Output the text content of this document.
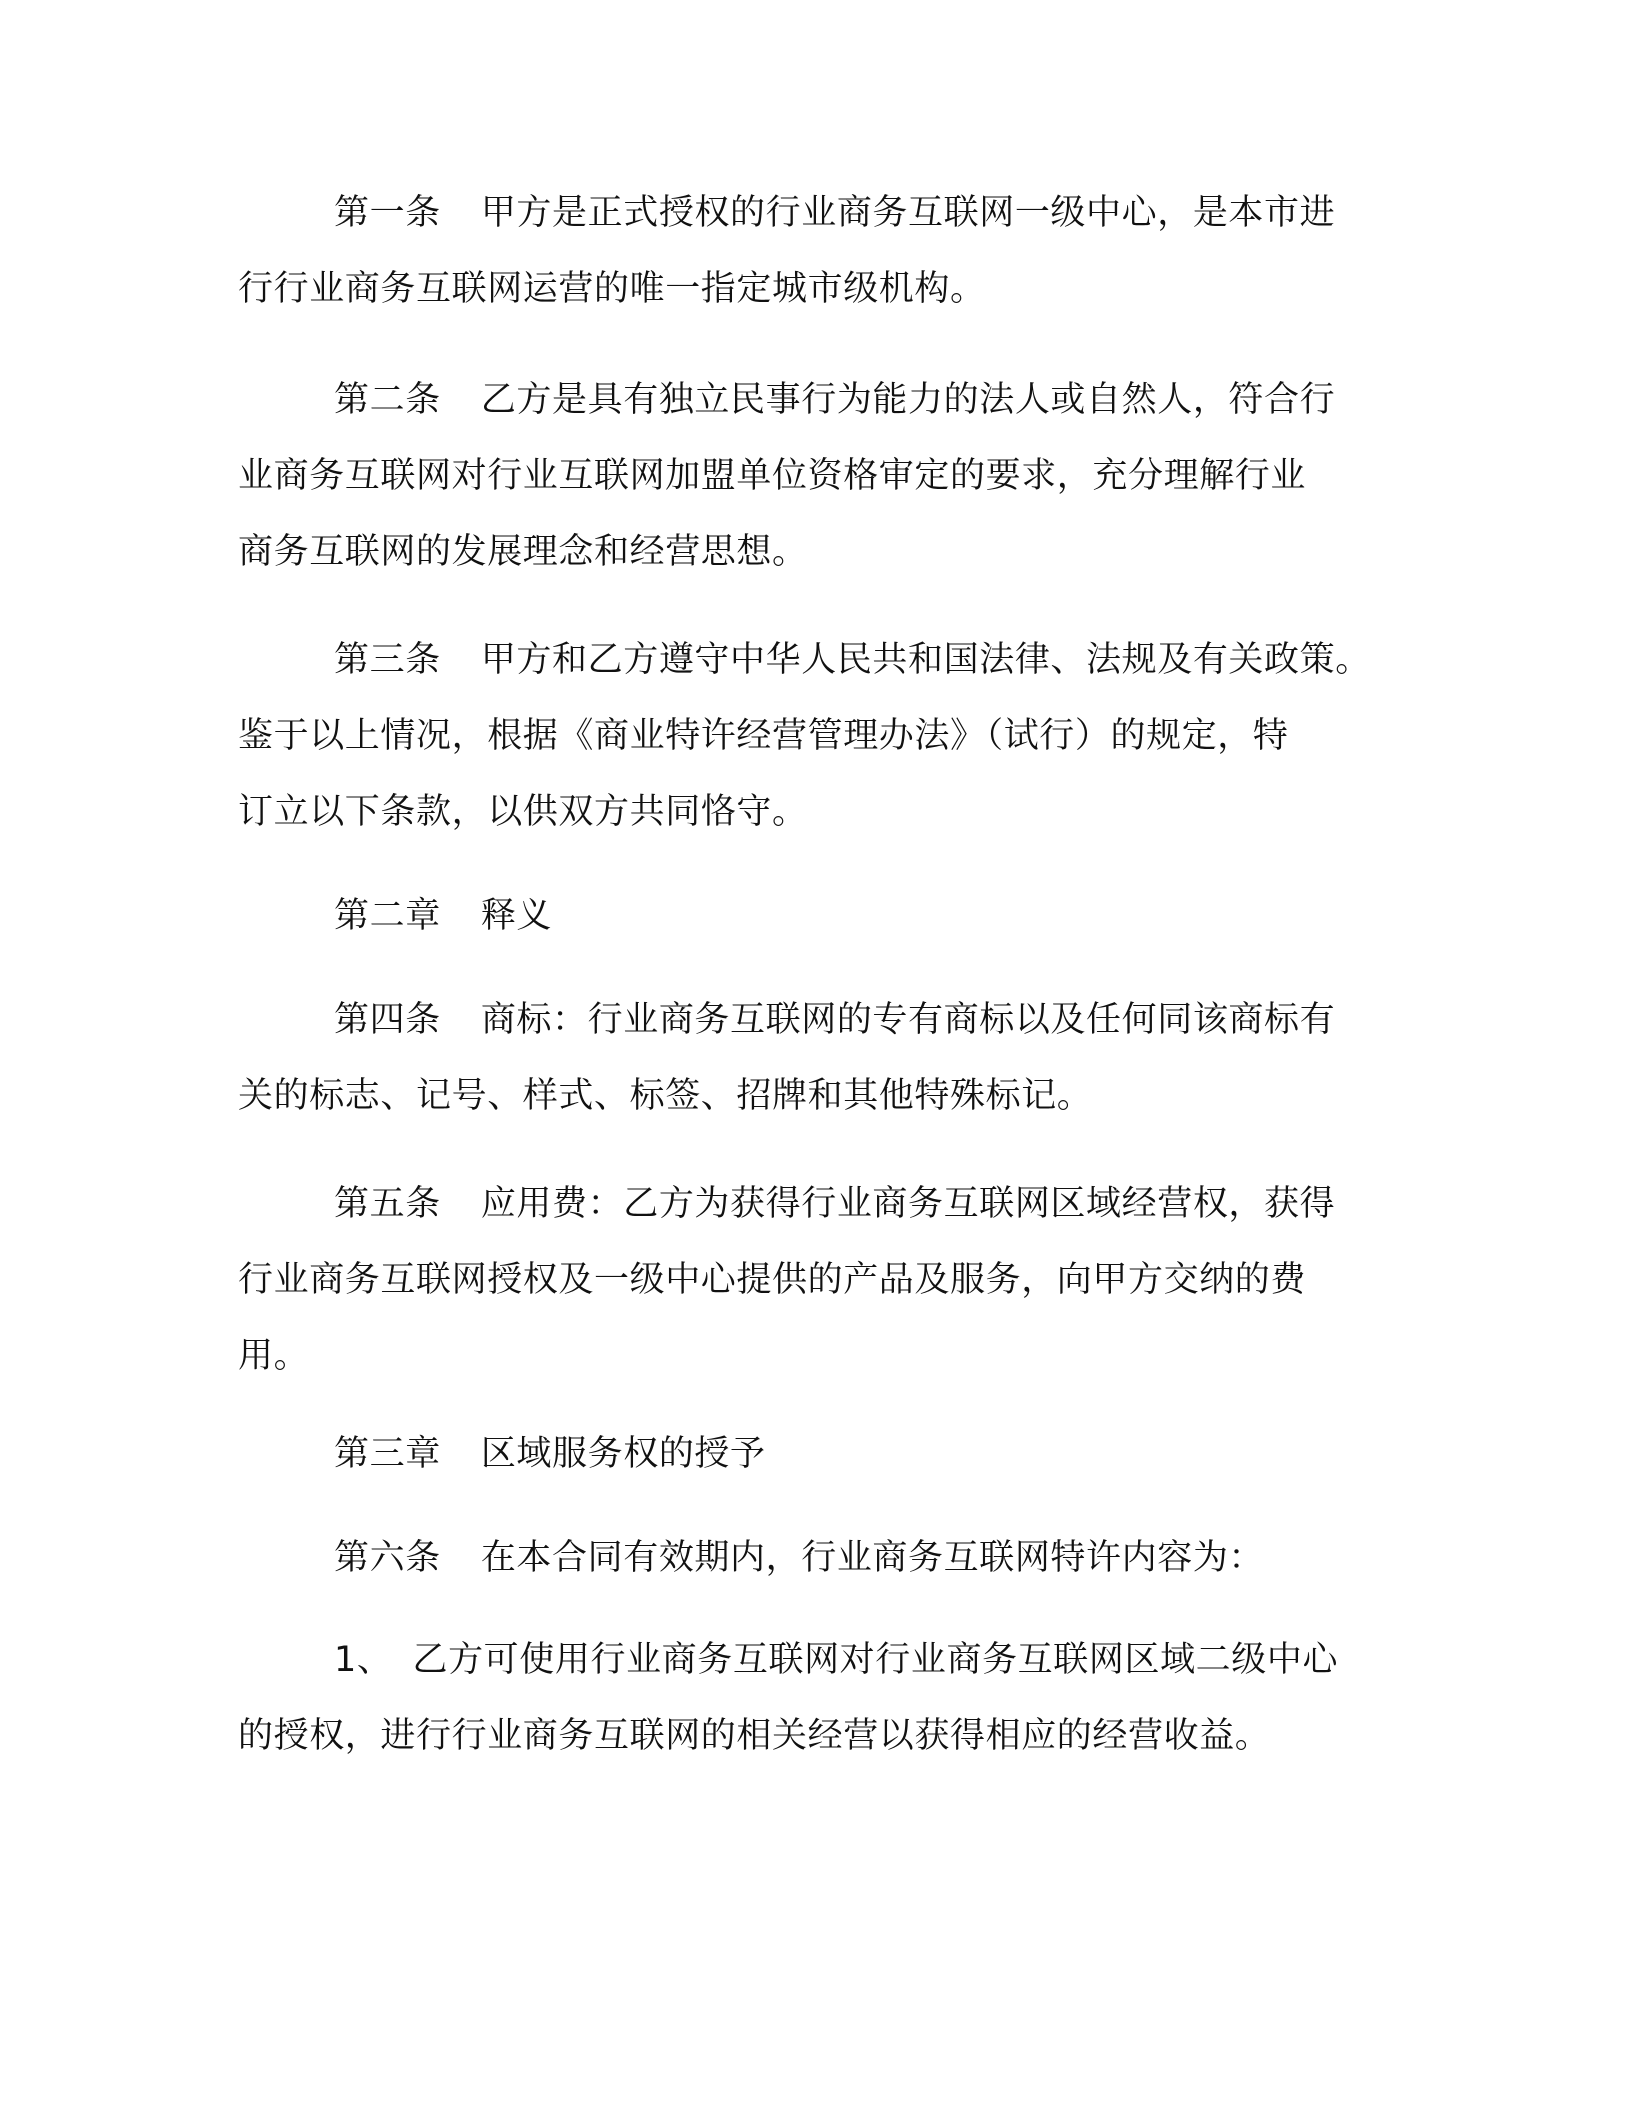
第一条 甲方是正式授权的行业商务互联网一级中心，是本市进
行行业商务互联网运营的唯一指定城市级机构。
第二条 乙方是具有独立民事行为能力的法人或自然人，符合行
业商务互联网对行业互联网加盟单位资格审定的要求，充分理解行业
商务互联网的发展理念和经营思想。
第三条 甲方和乙方遵守中华人民共和国法律、法规及有关政策。
鉴于以上情况，根据《商业特许经营管理办法》（试行）的规定，特
订立以下条款，以供双方共同恪守。
第二章 释义
第四条 商标：行业商务互联网的专有商标以及任何同该商标有
关的标志、记号、样式、标签、招牌和其他特殊标记。
第五条 应用费：乙方为获得行业商务互联网区域经营权，获得
行业商务互联网授权及一级中心提供的产品及服务，向甲方交纳的费
用。
第三章 区域服务权的授予
第六条 在本合同有效期内，行业商务互联网特许内容为：
1、 乙方可使用行业商务互联网对行业商务互联网区域二级中心
的授权，进行行业商务互联网的相关经营以获得相应的经营收益。
